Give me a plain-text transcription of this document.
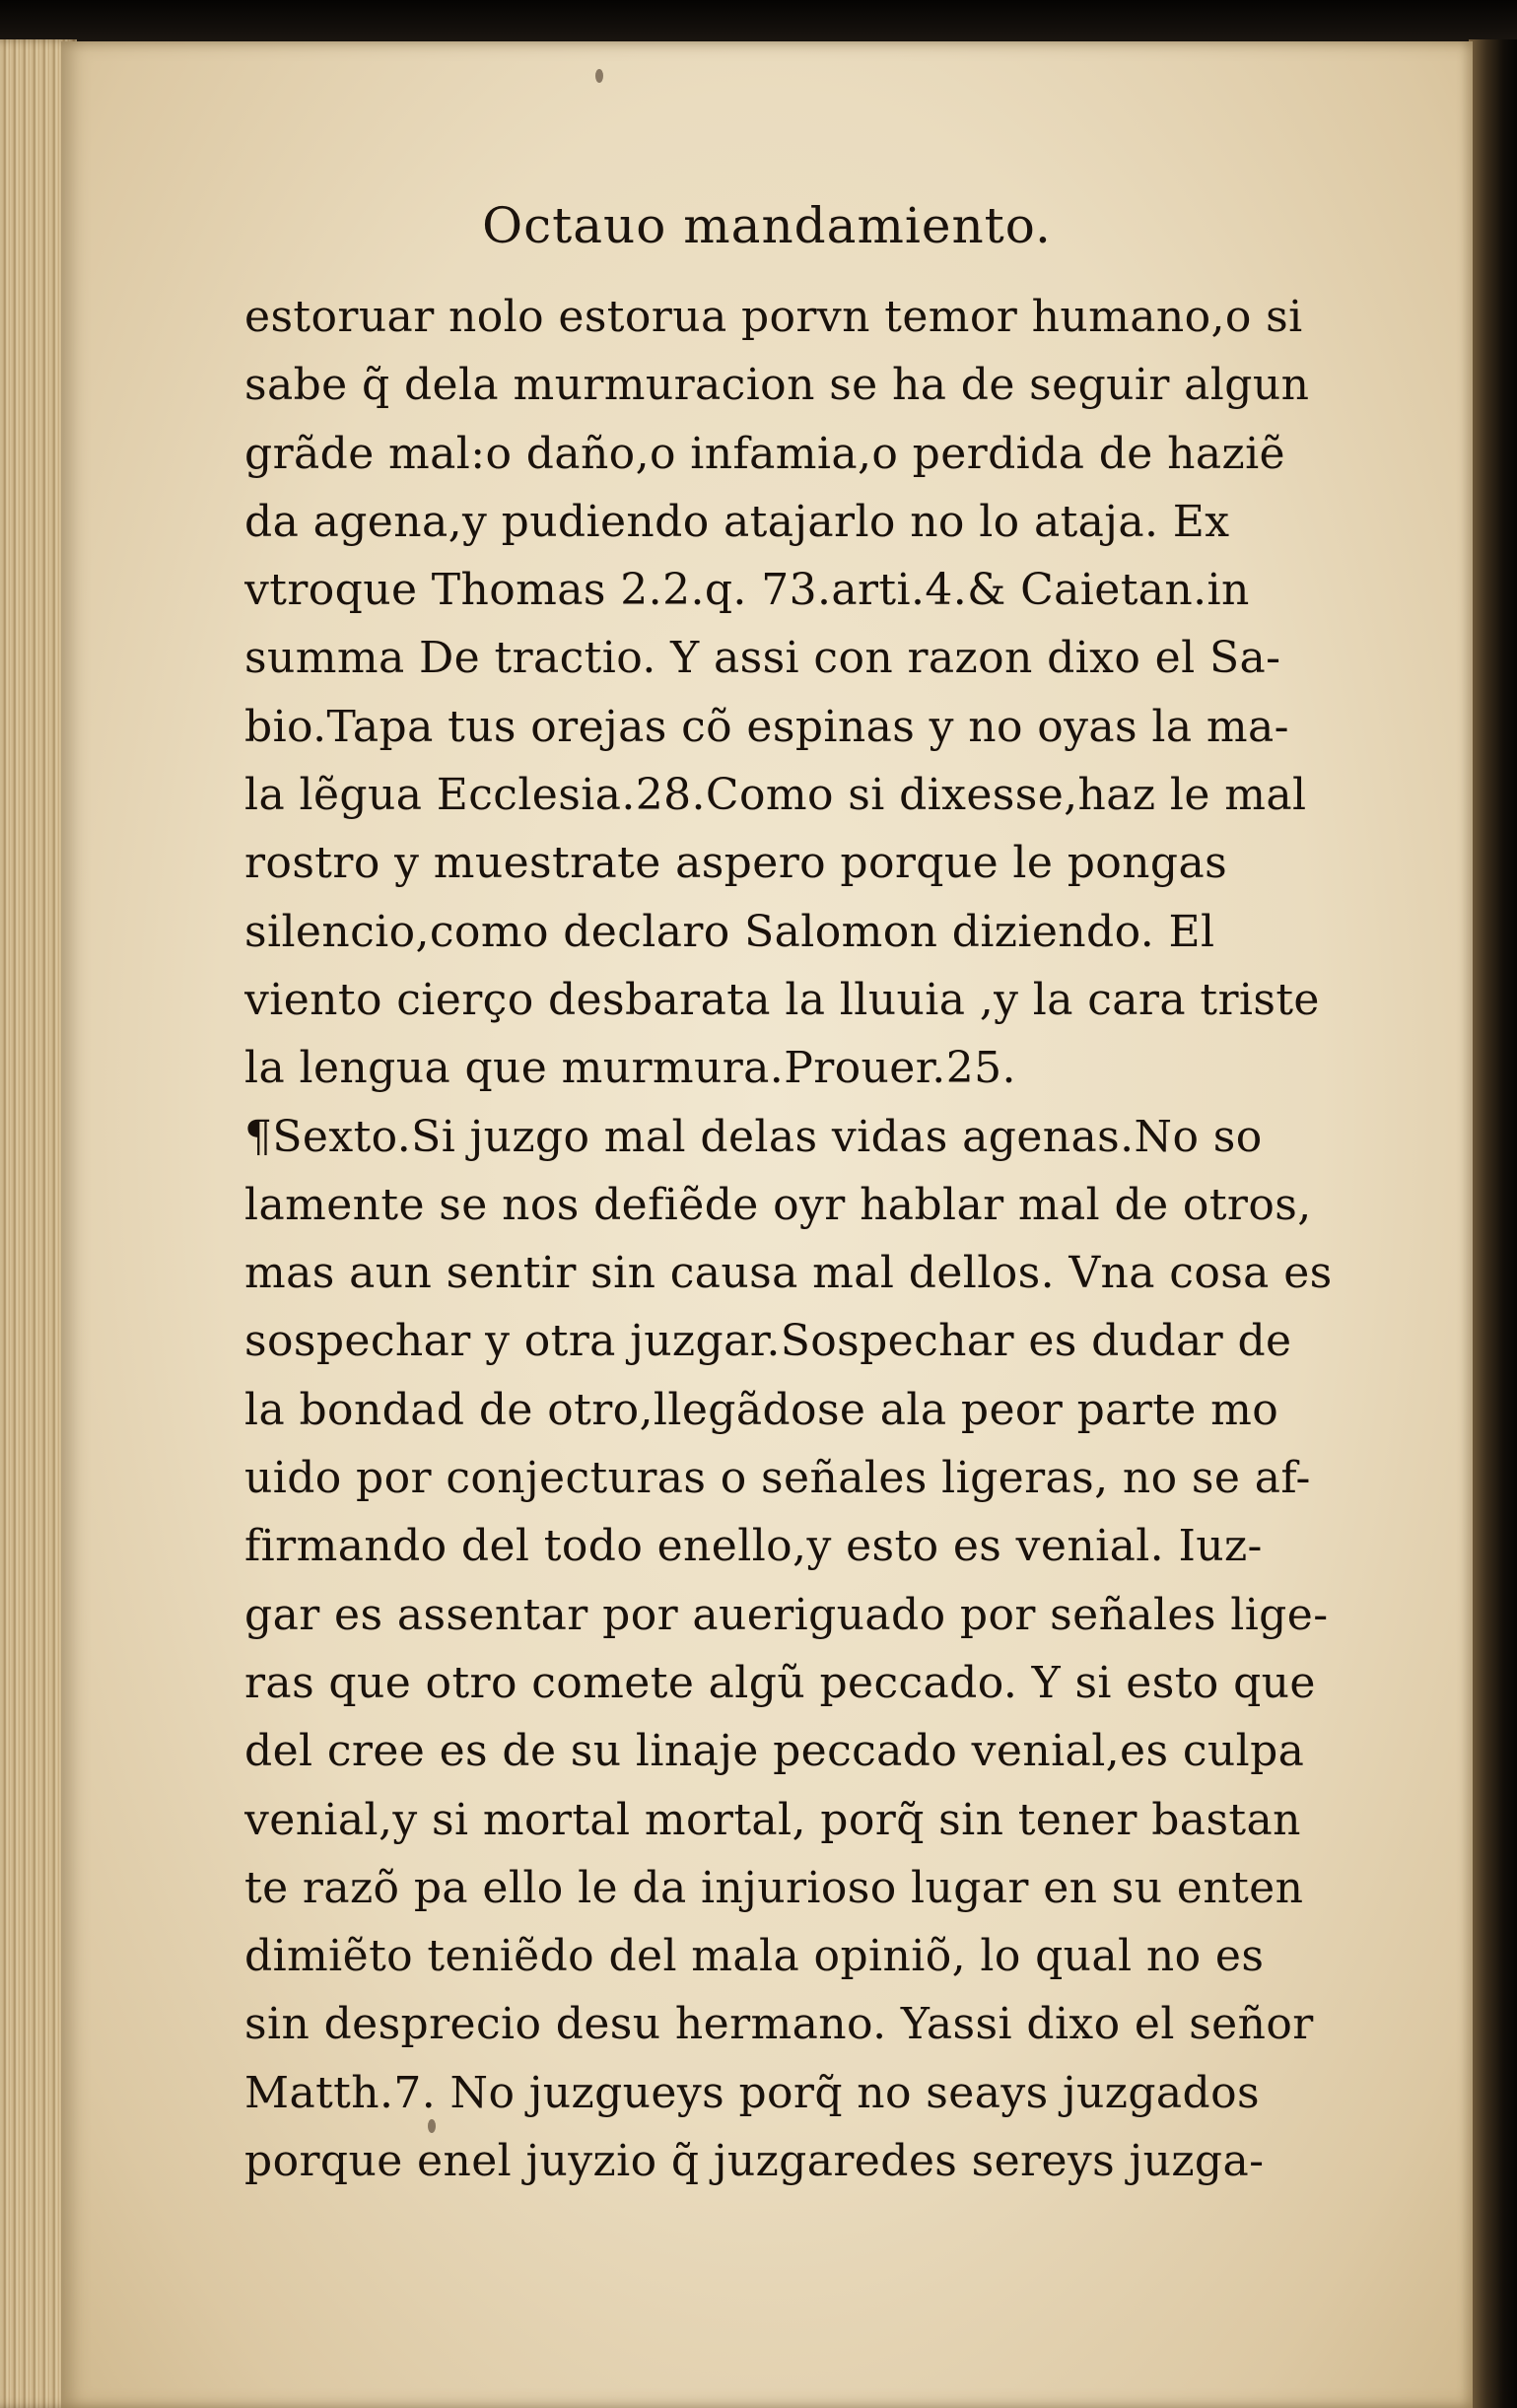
Octauo mandamiento.
estoruar nolo estorua porvn temor humano,o si
sabe q̃ dela murmuracion se ha de seguir algun
grãde mal:o daño,o infamia,o perdida de haziẽ
da agena,y pudiendo atajarlo no lo ataja. Ex
vtroque Thomas 2.2.q. 73.arti.4.& Caietan.in
summa De tractio. Y assi con razon dixo el Sa-
bio.Tapa tus orejas cõ espinas y no oyas la ma-
la lẽgua Ecclesia.28.Como si dixesse,haz le mal
rostro y muestrate aspero porque le pongas
silencio,como declaro Salomon diziendo. El
viento cierço desbarata la lluuia ,y la cara triste
la lengua que murmura.Prouer.25.
¶Sexto.Si juzgo mal delas vidas agenas.No so
lamente se nos defiẽde oyr hablar mal de otros,
mas aun sentir sin causa mal dellos. Vna cosa es
sospechar y otra juzgar.Sospechar es dudar de
la bondad de otro,llegãdose ala peor parte mo
uido por conjecturas o señales ligeras, no se af-
firmando del todo enello,y esto es venial. Iuz-
gar es assentar por aueriguado por señales lige-
ras que otro comete algũ peccado. Y si esto que
del cree es de su linaje peccado venial,es culpa
venial,y si mortal mortal, porq̃ sin tener bastan
te razõ pa ello le da injurioso lugar en su enten
dimiẽto teniẽdo del mala opiniõ, lo qual no es
sin desprecio desu hermano. Yassi dixo el señor
Matth.7. No juzgueys porq̃ no seays juzgados
porque enel juyzio q̃ juzgaredes sereys juzga-
